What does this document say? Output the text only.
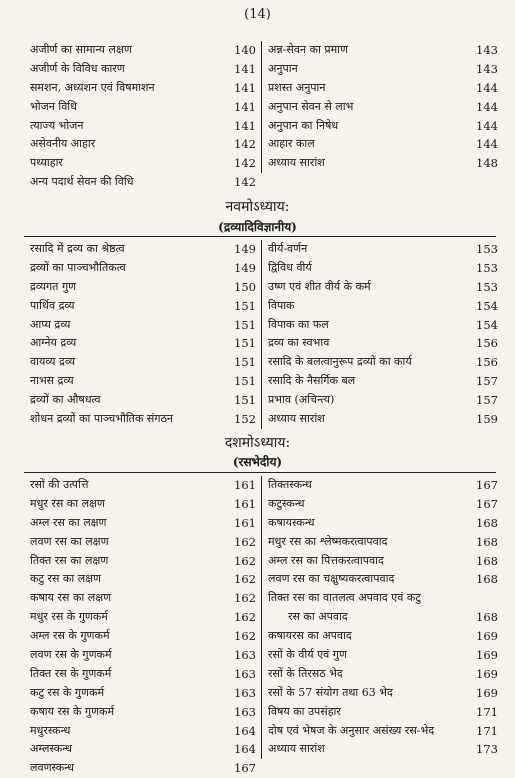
(14)
अजीर्ण का सामान्य लक्षण	140
अजीर्ण के विविध कारण	141
समशन, अध्यशन एवं विषमाशन	141
भोजन विधि	141
त्याज्य भोजन	141
असेवनीय आहार	142
पथ्याहार	142
अन्य पदार्थ सेवन की विधि	142
अन्न-सेवन का प्रमाण	143
अनुपान	143
प्रशस्त अनुपान	144
अनुपान सेवन से लाभ	144
अनुपान का निषेध	144
आहार काल	144
अध्याय सारांश	148
नवमोऽध्याय:
(द्रव्यादिविज्ञानीय)
रसादि में द्रव्य का श्रेष्ठत्व	149
द्रव्यों का पाञ्चभौतिकत्व	149
द्रव्यगत गुण	150
पार्थिव द्रव्य	151
आप्य द्रव्य	151
आग्नेय द्रव्य	151
वायव्य द्रव्य	151
नाभस द्रव्य	151
द्रव्यों का औषधत्व	151
शोधन द्रव्यों का पाञ्चभौतिक संगठन	152
वीर्य-वर्णन	153
द्विविध वीर्य	153
उष्ण एवं शीत वीर्य के कर्म	153
विपाक	154
विपाक का फल	154
द्रव्य का स्वभाव	156
रसादि के बलत्वानुरूप द्रव्यों का कार्य	156
रसादि के नैसर्गिक बल	157
प्रभाव (अचिन्त्य)	157
अध्याय सारांश	159
दशमोऽध्याय:
(रसभेदीय)
रसों की उत्पत्ति	161
मधुर रस का लक्षण	161
अम्ल रस का लक्षण	161
लवण रस का लक्षण	162
तिक्त रस का लक्षण	162
कटु रस का लक्षण	162
कषाय रस का लक्षण	162
मधुर रस के गुणकर्म	162
अम्ल रस के गुणकर्म	162
लवण रस के गुणकर्म	163
तिक्त रस के गुणकर्म	163
कटु रस के गुणकर्म	163
कषाय रस के गुणकर्म	163
मधुरस्कन्ध	164
अम्लस्कन्ध	164
लवणस्कन्ध	167
तिक्तस्कन्ध	167
कटुस्कन्ध	167
कषायस्कन्ध	168
मधुर रस का श्लेष्मकरत्वापवाद	168
अम्ल रस का पित्तकरत्वापवाद	168
लवण रस का चक्षुष्यकरत्वापवाद	168
तिक्त रस का वातलत्व अपवाद एवं कटु
रस का अपवाद	168
कषायरस का अपवाद	169
रसों के वीर्य एवं गुण	169
रसों के तिरसठ भेद	169
रसों के 57 संयोग तथा 63 भेद	169
विषय का उपसंहार	171
दोष एवं भेषज के अनुसार असंख्य रस-भेद	171
अध्याय सारांश	173
